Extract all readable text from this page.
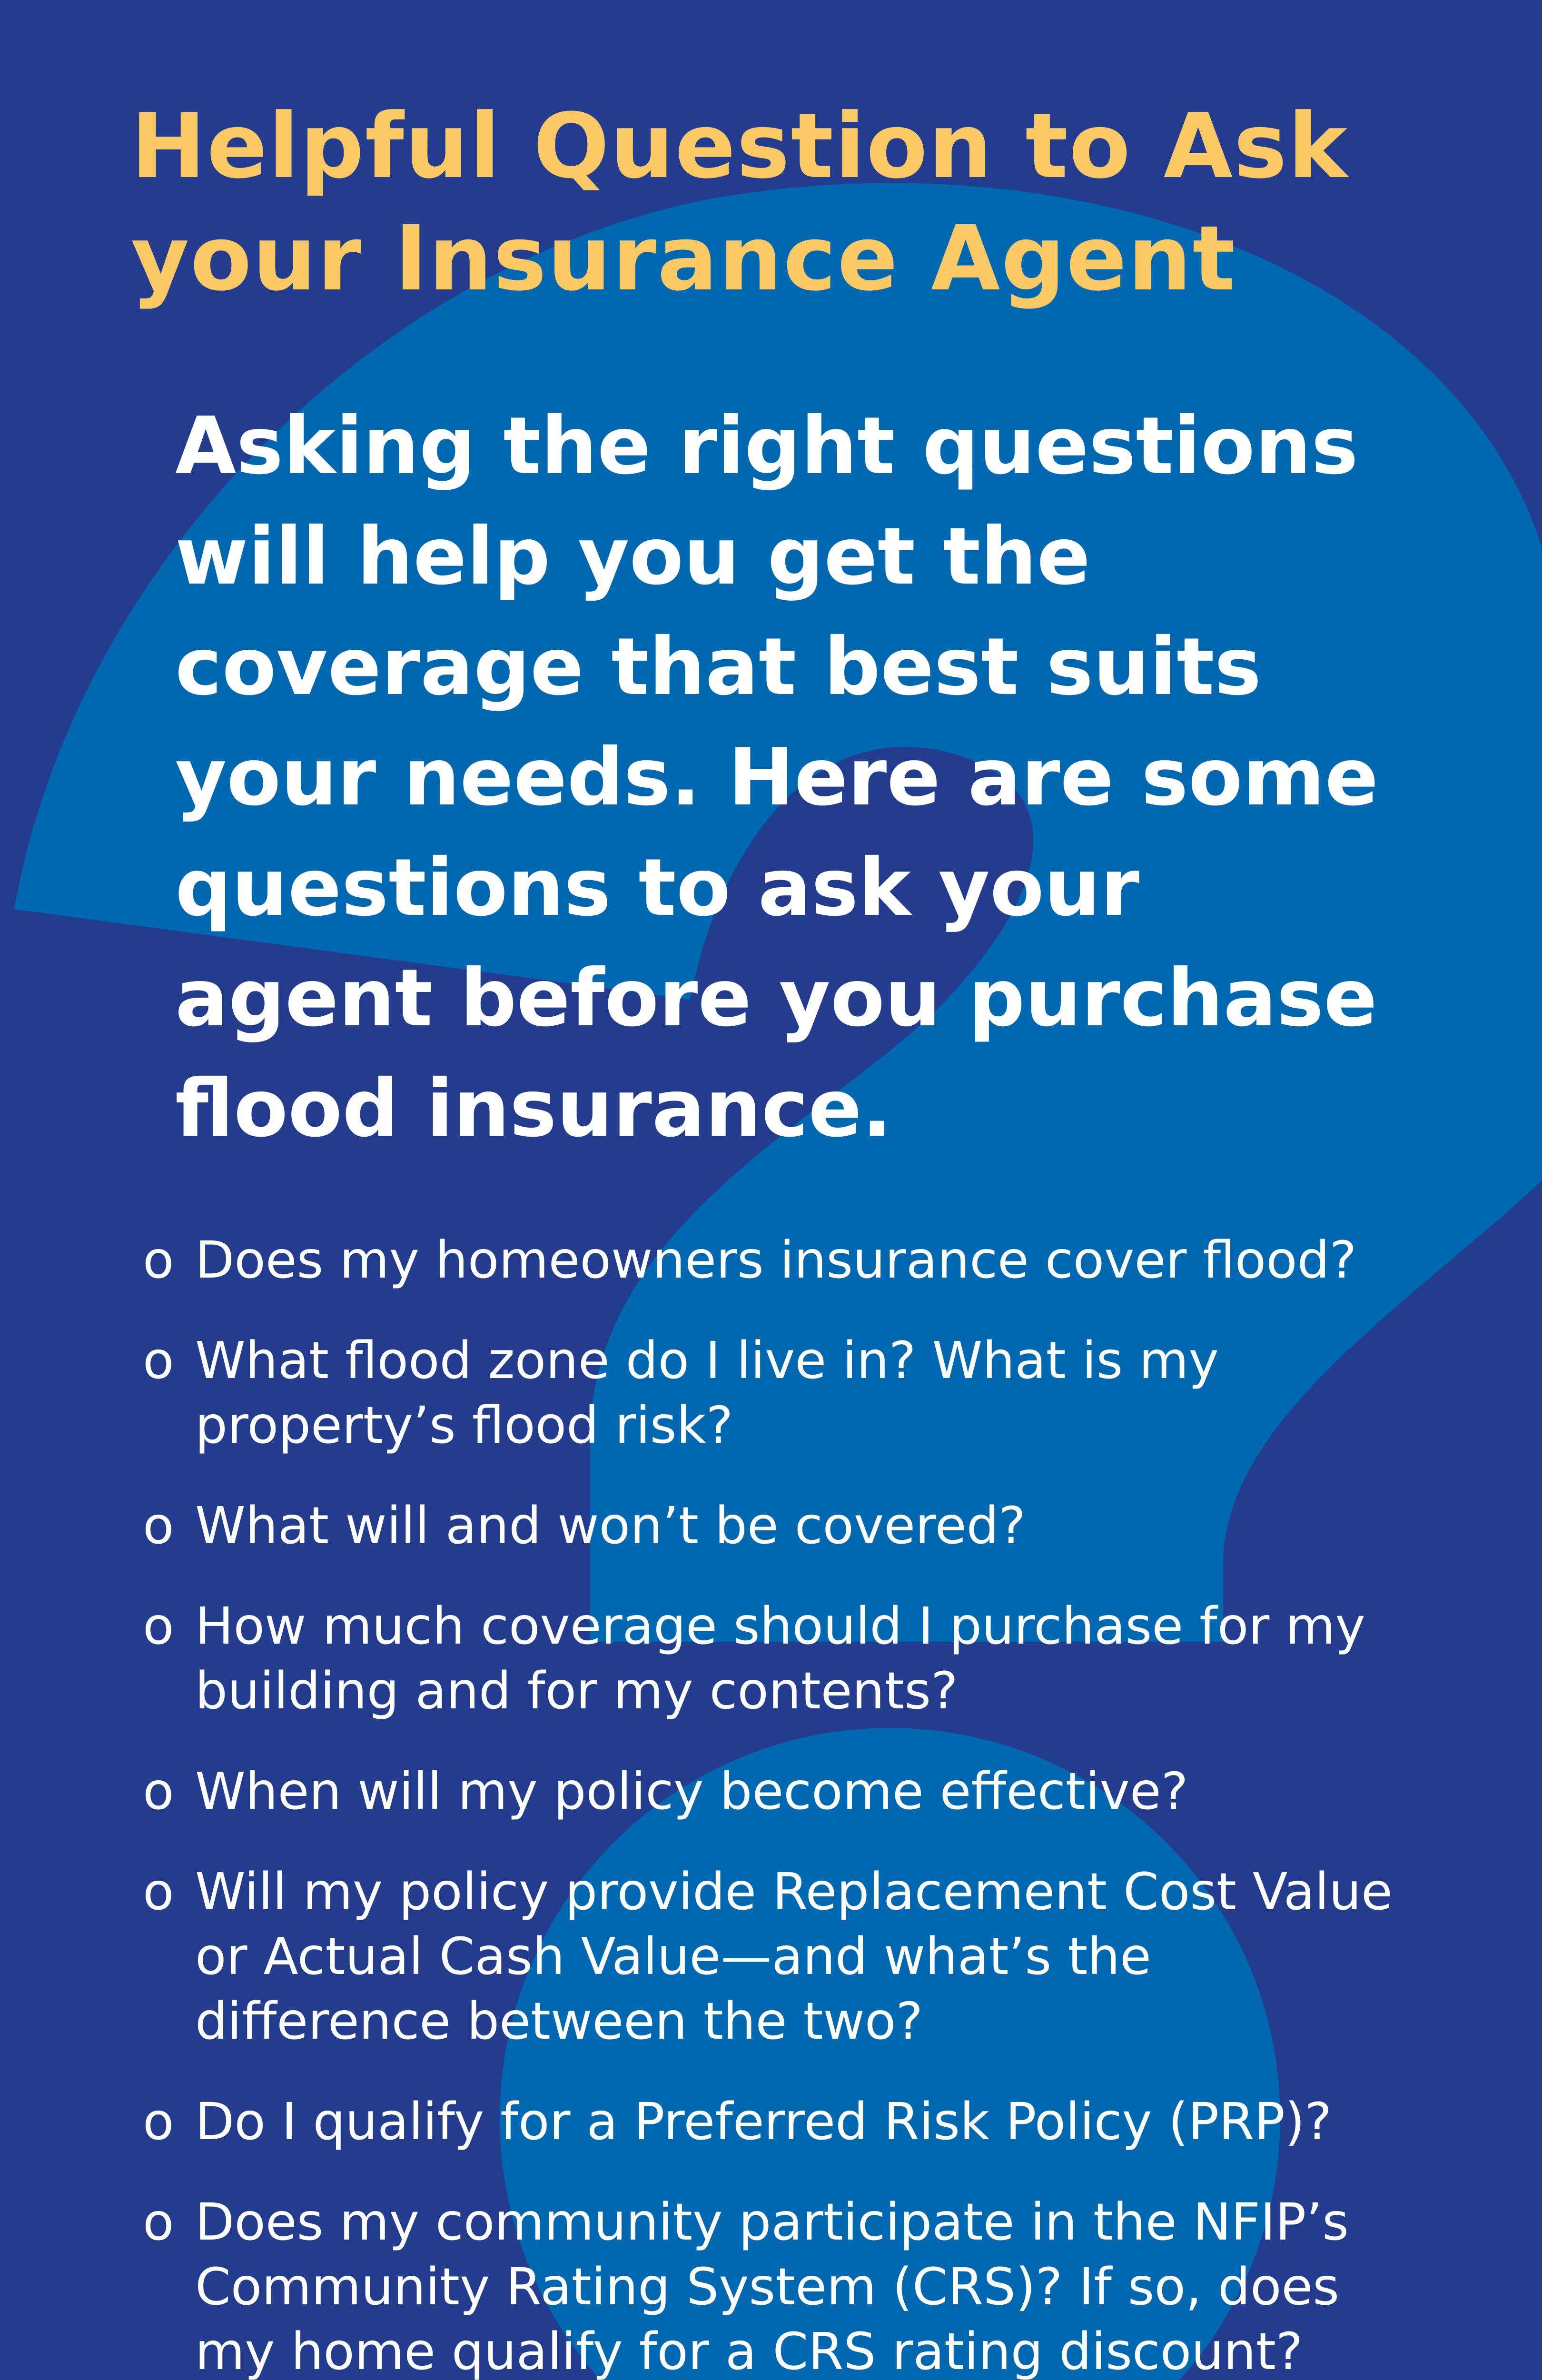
Helpful Question to Ask
your Insurance Agent

Asking the right questions will help you get the coverage that best suits your needs. Here are some questions to ask your agent before you purchase flood insurance.

o Does my homeowners insurance cover flood?
o What flood zone do I live in? What is my property’s flood risk?
o What will and won’t be covered?
o How much coverage should I purchase for my building and for my contents?
o When will my policy become effective?
o Will my policy provide Replacement Cost Value or Actual Cash Value—and what’s the difference between the two?
o Do I qualify for a Preferred Risk Policy (PRP)?
o Does my community participate in the NFIP’s Community Rating System (CRS)? If so, does my home qualify for a CRS rating discount?
